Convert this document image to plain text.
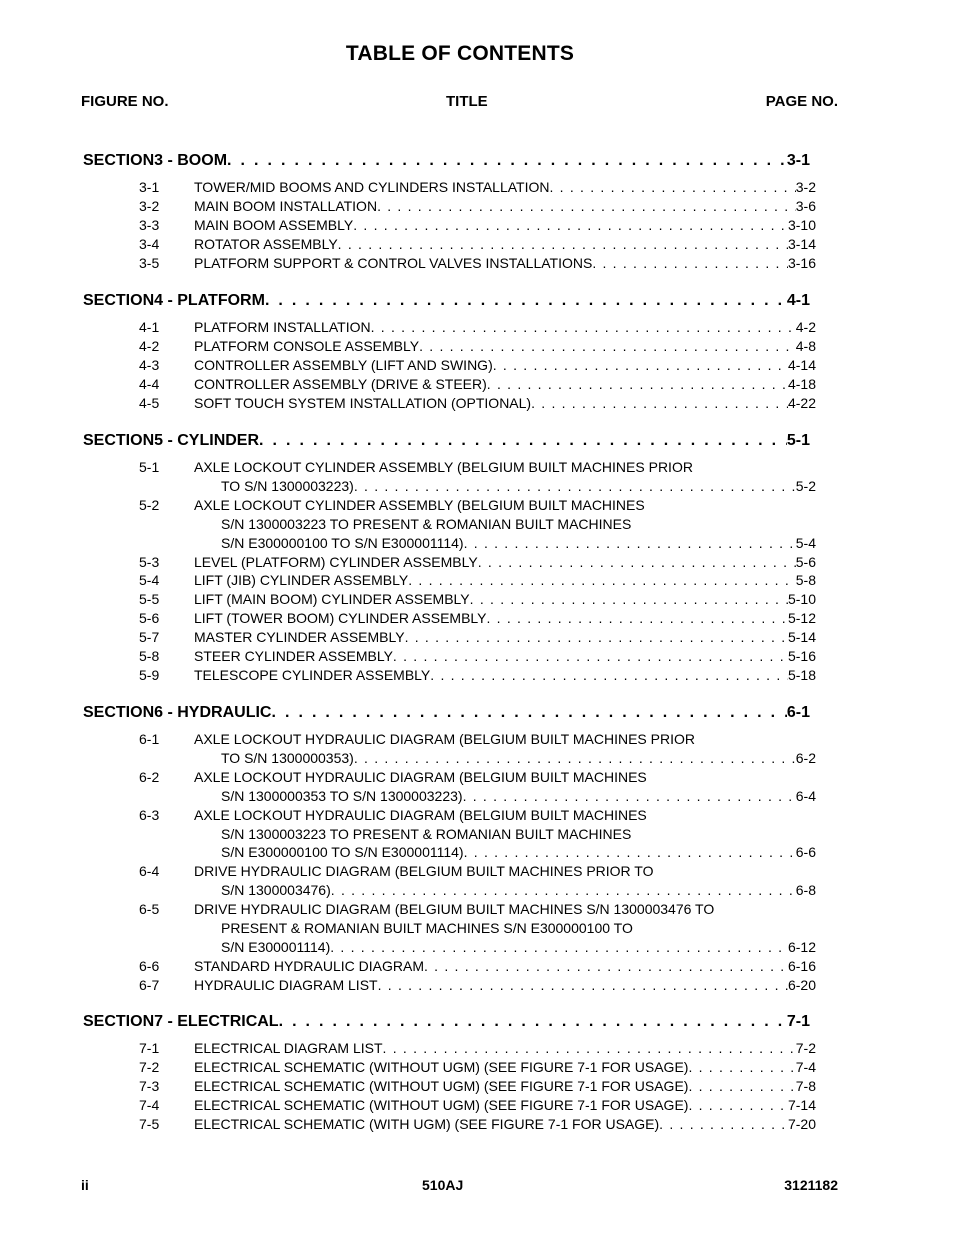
TABLE OF CONTENTS
FIGURE NO.	TITLE	PAGE NO.
SECTION 3 - BOOM . . .	3-1
3-1 TOWER/MID BOOMS AND CYLINDERS INSTALLATION . . .	3-2
3-2 MAIN BOOM INSTALLATION . . .	3-6
3-3 MAIN BOOM ASSEMBLY . . .	3-10
3-4 ROTATOR ASSEMBLY . . .	3-14
3-5 PLATFORM SUPPORT & CONTROL VALVES INSTALLATIONS . . .	3-16
SECTION 4 - PLATFORM . . .	4-1
4-1 PLATFORM INSTALLATION . . .	4-2
4-2 PLATFORM CONSOLE ASSEMBLY . . .	4-8
4-3 CONTROLLER ASSEMBLY (LIFT AND SWING) . . .	4-14
4-4 CONTROLLER ASSEMBLY (DRIVE & STEER) . . .	4-18
4-5 SOFT TOUCH SYSTEM INSTALLATION (OPTIONAL) . . .	4-22
SECTION 5 - CYLINDER . . .	5-1
5-1 AXLE LOCKOUT CYLINDER ASSEMBLY (BELGIUM BUILT MACHINES PRIOR
TO S/N 1300003223) . . .	5-2
5-2 AXLE LOCKOUT CYLINDER ASSEMBLY (BELGIUM BUILT MACHINES
S/N 1300003223 TO PRESENT & ROMANIAN BUILT MACHINES
S/N E300000100 TO S/N E300001114) . . .	5-4
5-3 LEVEL (PLATFORM) CYLINDER ASSEMBLY . . .	5-6
5-4 LIFT (JIB) CYLINDER ASSEMBLY . . .	5-8
5-5 LIFT (MAIN BOOM) CYLINDER ASSEMBLY . . .	5-10
5-6 LIFT (TOWER BOOM) CYLINDER ASSEMBLY . . .	5-12
5-7 MASTER CYLINDER ASSEMBLY . . .	5-14
5-8 STEER CYLINDER ASSEMBLY . . .	5-16
5-9 TELESCOPE CYLINDER ASSEMBLY . . .	5-18
SECTION 6 - HYDRAULIC . . .	6-1
6-1 AXLE LOCKOUT HYDRAULIC DIAGRAM (BELGIUM BUILT MACHINES PRIOR
TO S/N 1300000353) . . .	6-2
6-2 AXLE LOCKOUT HYDRAULIC DIAGRAM (BELGIUM BUILT MACHINES
S/N 1300000353 TO S/N 1300003223) . . .	6-4
6-3 AXLE LOCKOUT HYDRAULIC DIAGRAM (BELGIUM BUILT MACHINES
S/N 1300003223 TO PRESENT & ROMANIAN BUILT MACHINES
S/N E300000100 TO S/N E300001114) . . .	6-6
6-4 DRIVE HYDRAULIC DIAGRAM (BELGIUM BUILT MACHINES PRIOR TO
S/N 1300003476) . . .	6-8
6-5 DRIVE HYDRAULIC DIAGRAM (BELGIUM BUILT MACHINES S/N 1300003476 TO
PRESENT & ROMANIAN BUILT MACHINES S/N E300000100 TO
S/N E300001114) . . .	6-12
6-6 STANDARD HYDRAULIC DIAGRAM . . .	6-16
6-7 HYDRAULIC DIAGRAM LIST . . .	6-20
SECTION 7 - ELECTRICAL . . .	7-1
7-1 ELECTRICAL DIAGRAM LIST . . .	7-2
7-2 ELECTRICAL SCHEMATIC (WITHOUT UGM) (SEE FIGURE 7-1 FOR USAGE) . . .	7-4
7-3 ELECTRICAL SCHEMATIC (WITHOUT UGM) (SEE FIGURE 7-1 FOR USAGE) . . .	7-8
7-4 ELECTRICAL SCHEMATIC (WITHOUT UGM) (SEE FIGURE 7-1 FOR USAGE) . . .	7-14
7-5 ELECTRICAL SCHEMATIC (WITH UGM) (SEE FIGURE 7-1 FOR USAGE) . . .	7-20
ii	510AJ	3121182
